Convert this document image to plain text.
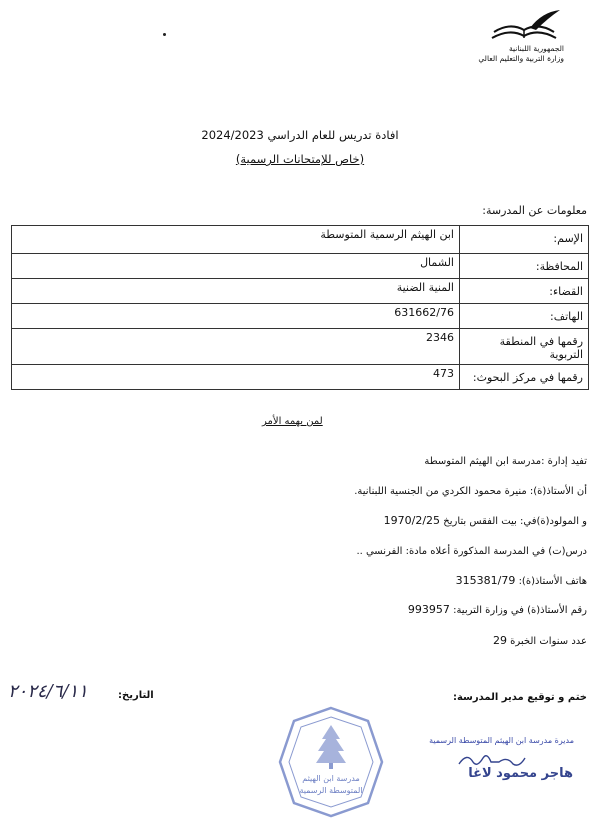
الجمهورية اللبنانية
وزارة التربية والتعليم العالي
افادة تدريس للعام الدراسي 2024/2023
(خاص للإمتحانات الرسمية)
معلومات عن المدرسة:
الإسم:	ابن الهيثم الرسمية المتوسطة
المحافظة:	الشمال
القضاء:	المنية الضنية
الهاتف:	631662/76
رقمها في المنطقة التربوية	2346
رقمها في مركز البحوث:	473
لمن يهمه الأمر
تفيد إدارة :مدرسة ابن الهيثم المتوسطة
أن الأستاذ(ة): منيرة محمود الكردي من الجنسية اللبنانية.
و المولود(ة)في: بيت الفقس بتاريخ 1970/2/25
درس(ت) في المدرسة المذكورة أعلاه مادة: الفرنسي ..
هاتف الأستاذ(ة): 315381/79
رقم الأستاذ(ة) في وزارة التربية: 993957
عدد سنوات الخبرة 29
التاريخ:
٢٠٢٤/٦/١١	ختم و توقيع مدير المدرسة:
مدرسة ابن الهيثم
المتوسطة الرسمية
مديرة مدرسة ابن الهيثم المتوسطة الرسمية
هاجر محمود لاغا
